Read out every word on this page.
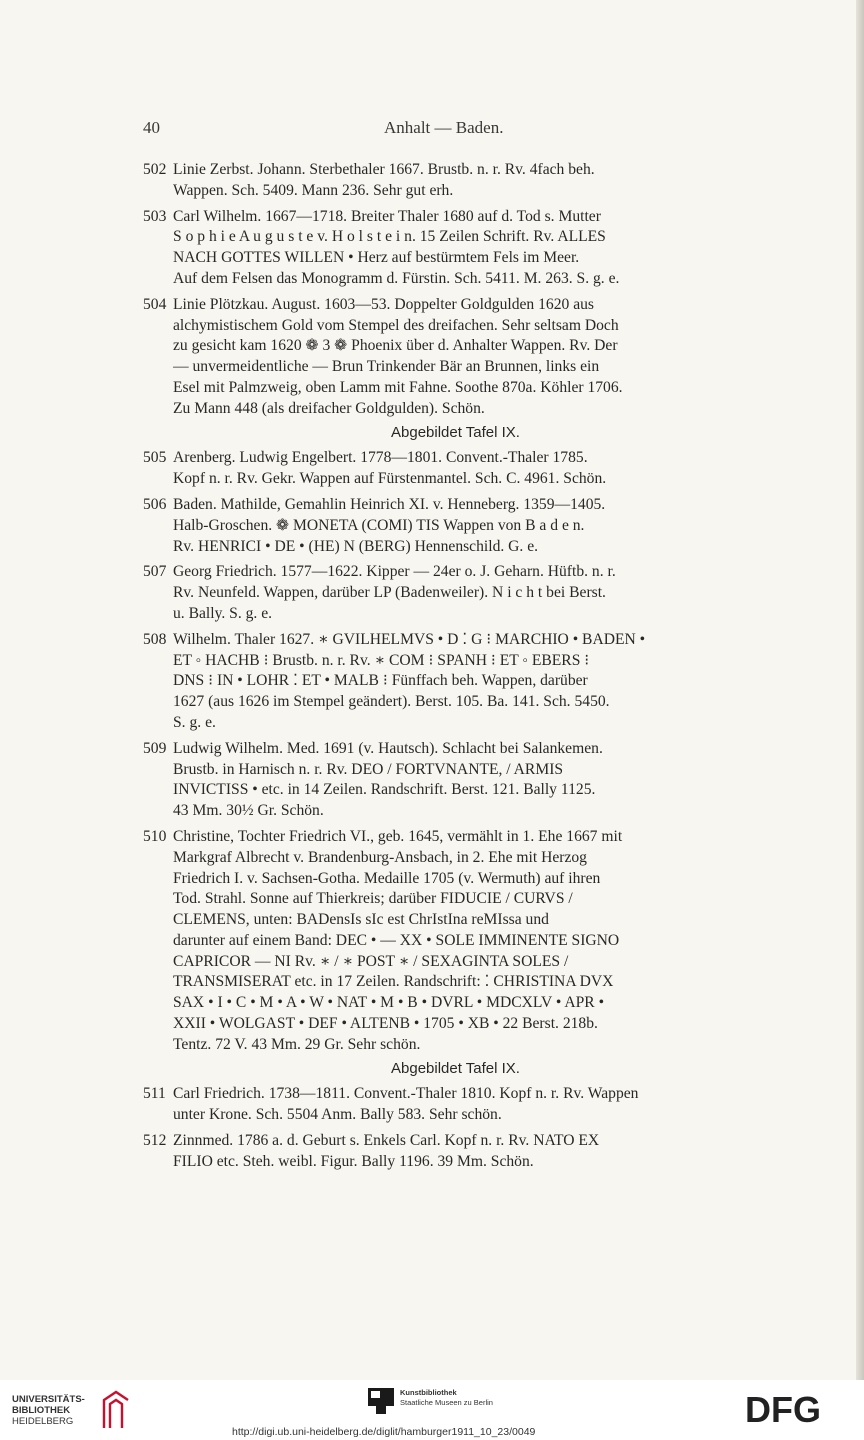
40	Anhalt — Baden.
502 Linie Zerbst. Johann. Sterbethaler 1667. Brustb. n. r. Rv. 4fach beh.
Wappen. Sch. 5409. Mann 236. Sehr gut erh.
503 Carl Wilhelm. 1667—1718. Breiter Thaler 1680 auf d. Tod s. Mutter
S o p h i e A u g u s t e v. H o l s t e i n. 15 Zeilen Schrift. Rv. ALLES
NACH GOTTES WILLEN • Herz auf bestürmtem Fels im Meer.
Auf dem Felsen das Monogramm d. Fürstin. Sch. 5411. M. 263. S. g. e.
504 Linie Plötzkau. August. 1603—53. Doppelter Goldgulden 1620 aus
alchymistischem Gold vom Stempel des dreifachen. Sehr seltsam Doch
zu gesicht kam 1620 ❁ 3 ❁ Phoenix über d. Anhalter Wappen. Rv. Der
— unvermeidentliche — Brun Trinkender Bär an Brunnen, links ein
Esel mit Palmzweig, oben Lamm mit Fahne. Soothe 870a. Köhler 1706.
Zu Mann 448 (als dreifacher Goldgulden). Schön.
Abgebildet Tafel IX.
505 Arenberg. Ludwig Engelbert. 1778—1801. Convent.-Thaler 1785.
Kopf n. r. Rv. Gekr. Wappen auf Fürstenmantel. Sch. C. 4961. Schön.
506 Baden. Mathilde, Gemahlin Heinrich XI. v. Henneberg. 1359—1405.
Halb-Groschen. ❁ MONETA (COMI) TIS Wappen von B a d e n.
Rv. HENRICI • DE • (HE) N (BERG) Hennenschild. G. e.
507 Georg Friedrich. 1577—1622. Kipper — 24er o. J. Geharn. Hüftb. n. r.
Rv. Neunfeld. Wappen, darüber LP (Badenweiler). N i c h t bei Berst.
u. Bally. S. g. e.
508 Wilhelm. Thaler 1627. ∗ GVILHELMVS • D ⁚ G ⁝ MARCHIO • BADEN •
ET ◦ HACHB ⁝ Brustb. n. r. Rv. ∗ COM ⁝ SPANH ⁝ ET ◦ EBERS ⁝
DNS ⁝ IN • LOHR ⁚ ET • MALB ⁝ Fünffach beh. Wappen, darüber
1627 (aus 1626 im Stempel geändert). Berst. 105. Ba. 141. Sch. 5450.
S. g. e.
509 Ludwig Wilhelm. Med. 1691 (v. Hautsch). Schlacht bei Salankemen.
Brustb. in Harnisch n. r. Rv. DEO / FORTVNANTE, / ARMIS
INVICTISS • etc. in 14 Zeilen. Randschrift. Berst. 121. Bally 1125.
43 Mm. 30½ Gr. Schön.
510 Christine, Tochter Friedrich VI., geb. 1645, vermählt in 1. Ehe 1667 mit
Markgraf Albrecht v. Brandenburg-Ansbach, in 2. Ehe mit Herzog
Friedrich I. v. Sachsen-Gotha. Medaille 1705 (v. Wermuth) auf ihren
Tod. Strahl. Sonne auf Thierkreis; darüber FIDUCIE / CURVS /
CLEMENS, unten: BADensIs sIc est ChrIstIna reMIssa und
darunter auf einem Band: DEC • — XX • SOLE IMMINENTE SIGNO
CAPRICOR — NI Rv. ∗ / ∗ POST ∗ / SEXAGINTA SOLES /
TRANSMISERAT etc. in 17 Zeilen. Randschrift: ⁚ CHRISTINA DVX
SAX • I • C • M • A • W • NAT • M • B • DVRL • MDCXLV • APR •
XXII • WOLGAST • DEF • ALTENB • 1705 • XB • 22 Berst. 218b.
Tentz. 72 V. 43 Mm. 29 Gr. Sehr schön.
Abgebildet Tafel IX.
511 Carl Friedrich. 1738—1811. Convent.-Thaler 1810. Kopf n. r. Rv. Wappen
unter Krone. Sch. 5504 Anm. Bally 583. Sehr schön.
512 Zinnmed. 1786 a. d. Geburt s. Enkels Carl. Kopf n. r. Rv. NATO EX
FILIO etc. Steh. weibl. Figur. Bally 1196. 39 Mm. Schön.
UNIVERSITÄTS-
BIBLIOTHEK
HEIDELBERG
Kunstbibliothek
Staatliche Museen zu Berlin	DFG
http://digi.ub.uni-heidelberg.de/diglit/hamburger1911_10_23/0049
